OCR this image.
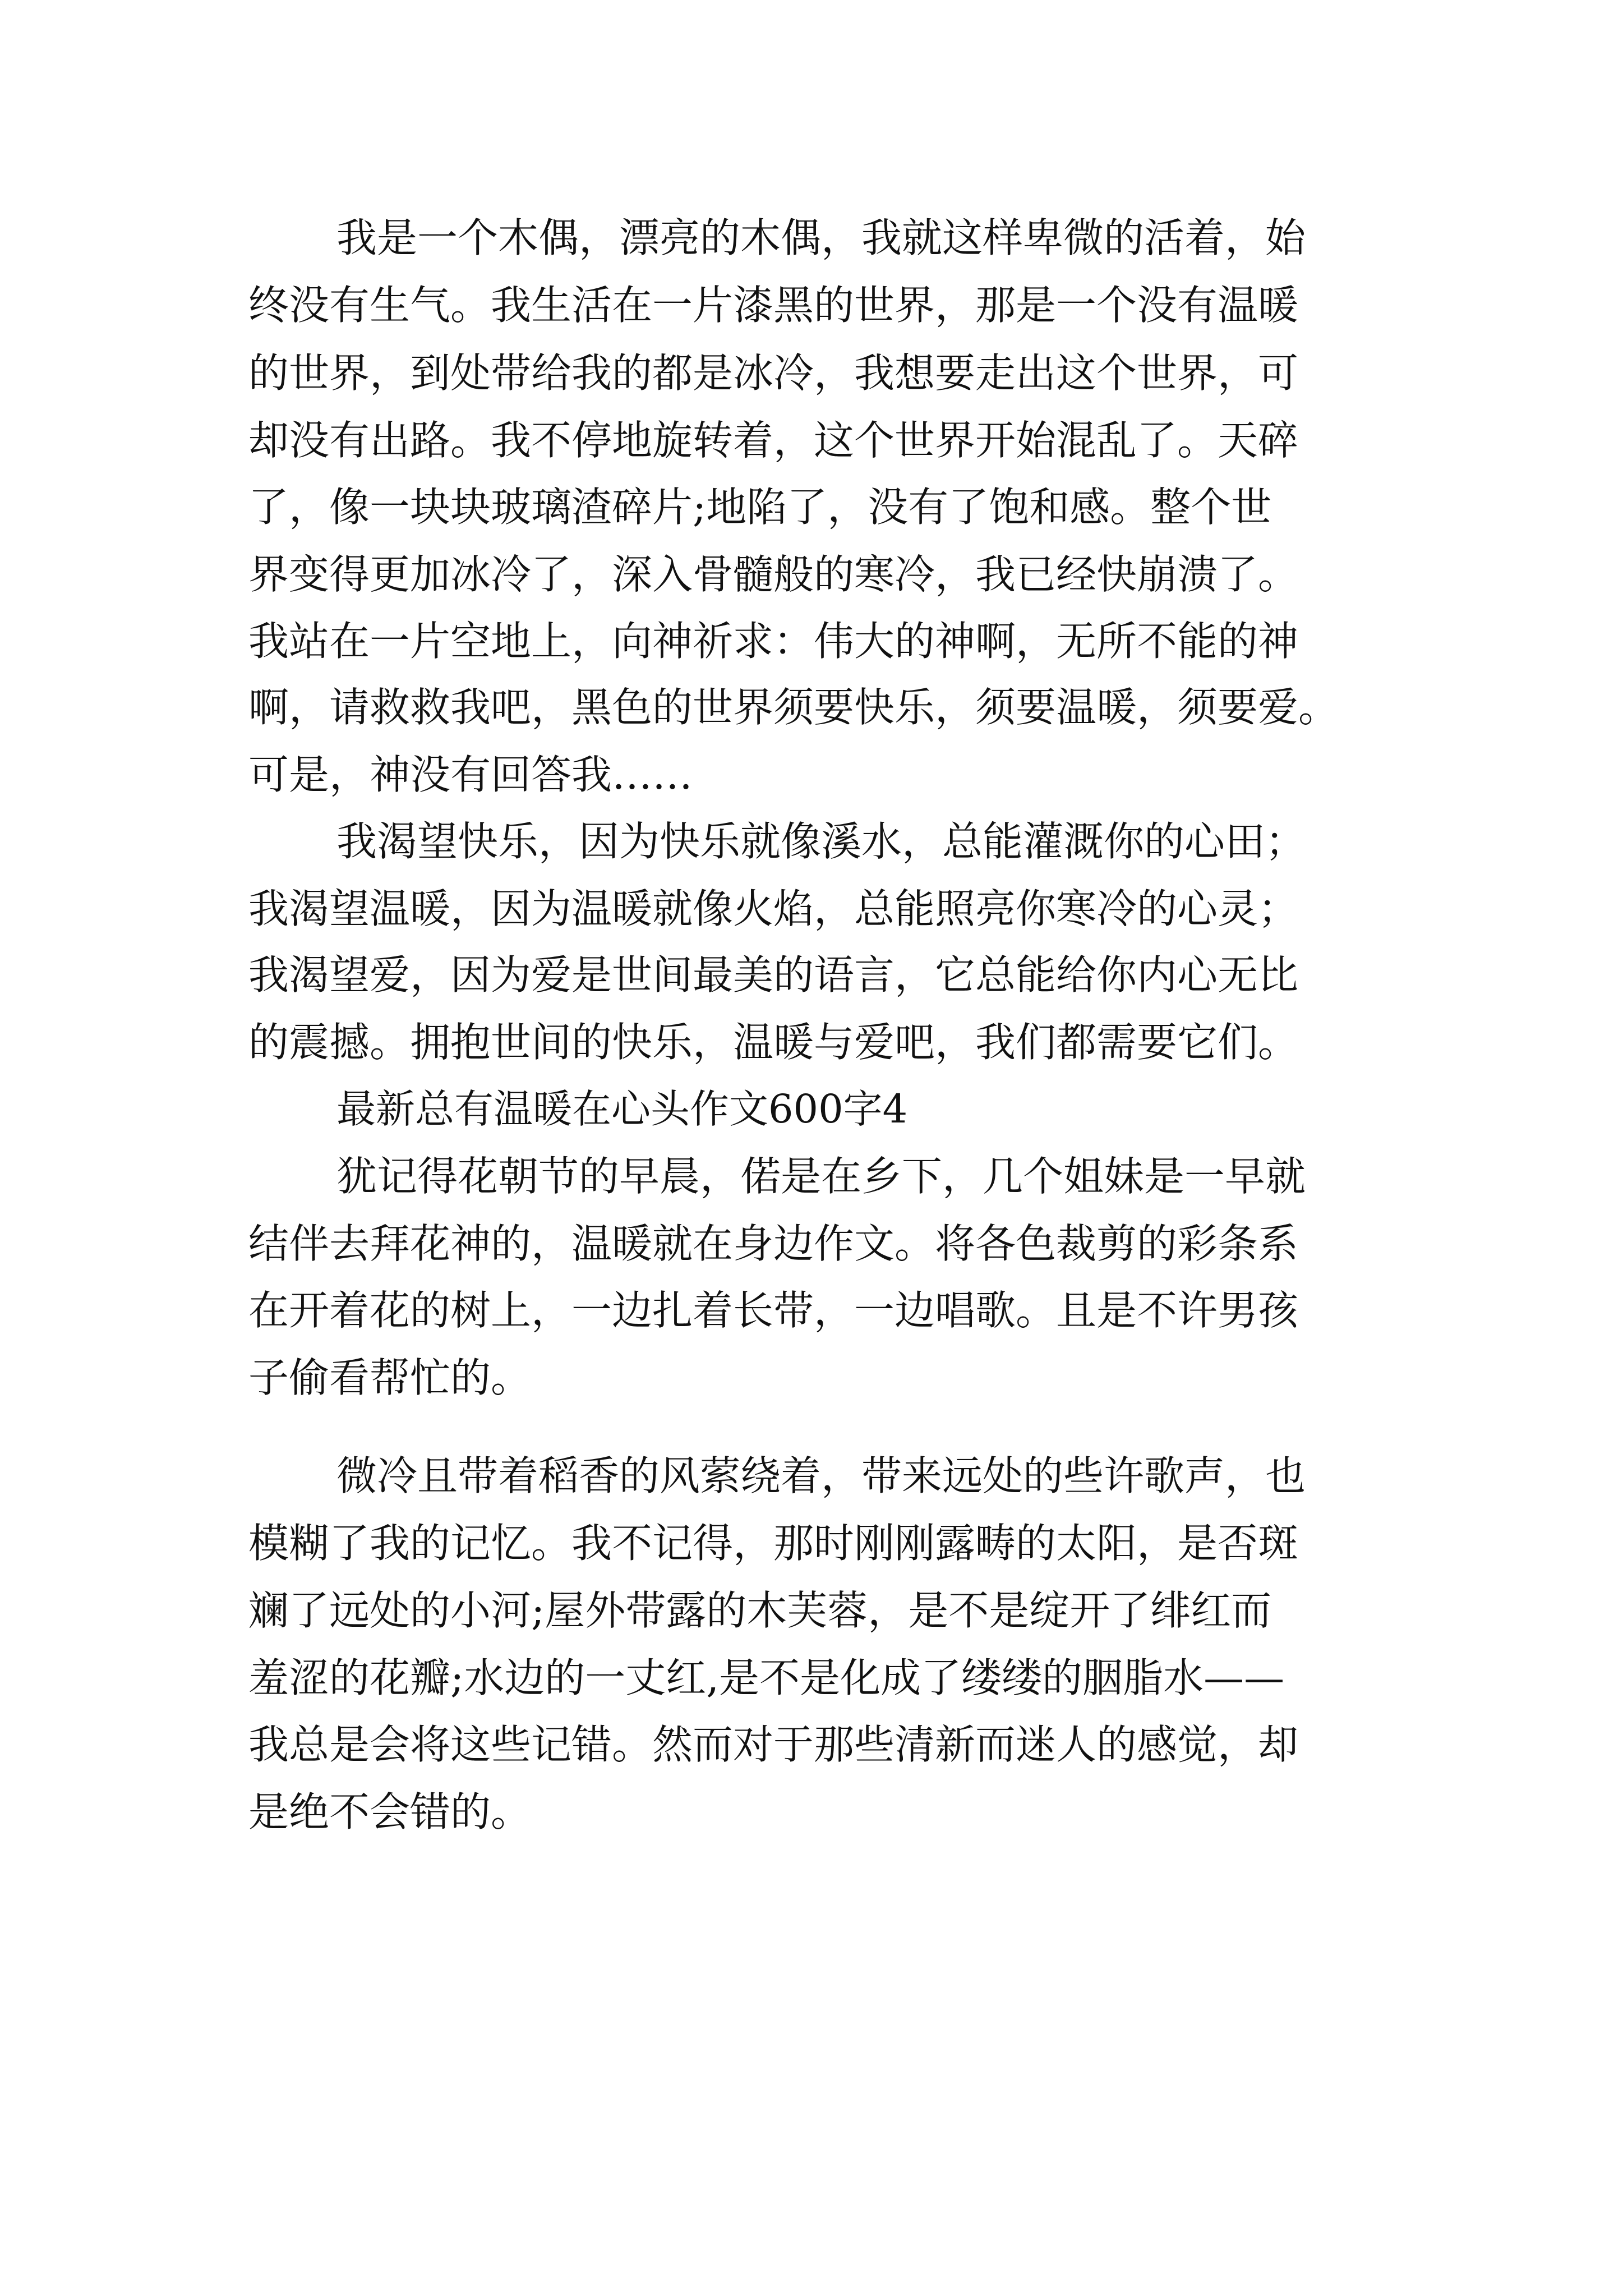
我是一个木偶，漂亮的木偶，我就这样卑微的活着，始
终没有生气。我生活在一片漆黑的世界，那是一个没有温暖
的世界，到处带给我的都是冰冷，我想要走出这个世界，可
却没有出路。我不停地旋转着，这个世界开始混乱了。天碎
了，像一块块玻璃渣碎片;地陷了，没有了饱和感。整个世
界变得更加冰冷了，深入骨髓般的寒冷，我已经快崩溃了。
我站在一片空地上，向神祈求：伟大的神啊，无所不能的神
啊，请救救我吧，黑色的世界须要快乐，须要温暖，须要爱。
可是，神没有回答我……
我渴望快乐，因为快乐就像溪水，总能灌溉你的心田；
我渴望温暖，因为温暖就像火焰，总能照亮你寒冷的心灵；
我渴望爱，因为爱是世间最美的语言，它总能给你内心无比
的震撼。拥抱世间的快乐，温暖与爱吧，我们都需要它们。
最新总有温暖在心头作文600字4
犹记得花朝节的早晨，偌是在乡下，几个姐妹是一早就
结伴去拜花神的，温暖就在身边作文。将各色裁剪的彩条系
在开着花的树上，一边扎着长带，一边唱歌。且是不许男孩
子偷看帮忙的。
微冷且带着稻香的风萦绕着，带来远处的些许歌声，也
模糊了我的记忆。我不记得，那时刚刚露畴的太阳，是否斑
斓了远处的小河;屋外带露的木芙蓉，是不是绽开了绯红而
羞涩的花瓣;水边的一丈红,是不是化成了缕缕的胭脂水——
我总是会将这些记错。然而对于那些清新而迷人的感觉，却
是绝不会错的。
